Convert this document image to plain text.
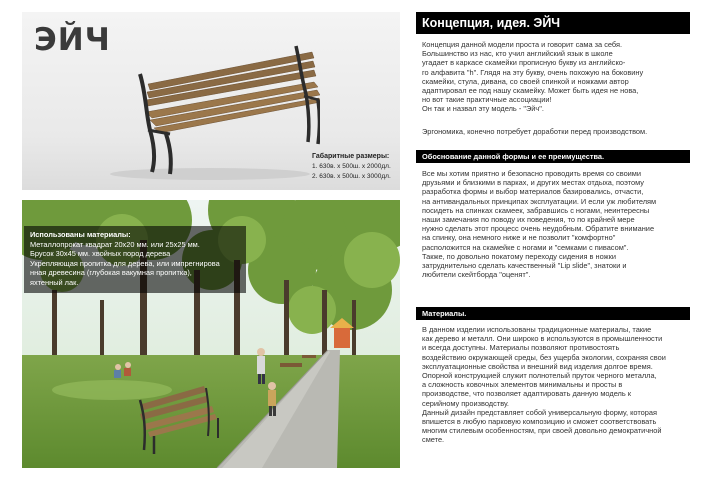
ЭЙЧ
Габаритные размеры:
1. 630в. х 500ш. х 2000дл.
2. 630в. х 500ш. х 3000дл.
Использованы материалы:
Металлопрокат квадрат 20х20 мм. или 25х25 мм.
Брусок 30х45 мм. хвойных пород дерева
Укрепляющая пропитка для дерева, или импрегнирова
нная древесина (глубокая вакумная пропитка),
яхтенный лак.
Концепция, идея. ЭЙЧ

Концепция данной модели проста и говорит сама за себя.

Большинство из нас, кто учил английский язык в школе

угадает в каркасе скамейки прописную букву из английско-

го алфавита "h". Глядя на эту букву, очень похожую на боковину

скамейки, стула, дивана, со своей спинкой и ножками автор

адаптировал ее под нашу скамейку. Может быть идея не нова,

но вот такие практичные ассоциации!

Он так и назвал эту модель - "Эйч".

Эргономика, конечно потребует доработки перед производством.
Обоснование данной формы и ее преимущества.

Все мы хотим приятно и безопасно проводить время со своими

друзьями и близкими в парках, и других местах отдыха, поэтому

разработка формы и выбор материалов базировались, отчасти,

на антивандальных принципах эксплуатации. И если уж любителям

посидеть на спинках скамеек, забравшись с ногами, неинтересны

наши замечания по поводу их поведения, то по крайней мере

нужно сделать этот процесс очень неудобным. Обратите внимание

на спинку, она немного ниже и не позволит "комфортно"

расположится на скамейке с ногами и "семками с пивасом".

Также, по довольно покатому переходу сидения в ножки

затруднительно сделать качественный "Lip slide", знатоки и

любители скейтборда "оценят".

Материалы.

В данном изделии использованы традиционные материалы, такие

как дерево и металл. Они широко в используются в промышленности

и всегда доступны. Материалы позволяют противостоять

воздействию окружающей среды, без ущерба экологии, сохраняя свои

эксплуатационные свойства и внешний вид изделия долгое время.

Опорной конструкцией служит полнотелый пруток черного металла,

а сложность ковочных элементов минимальны и просты в

производстве, что позволяет адаптировать данную модель к

серийному производству.

Данный дизайн представляет собой универсальную форму, которая

впишется в любую парковую композицию и сможет соответствовать

многим стилевым особенностям, при своей довольно демократичной

смете.
